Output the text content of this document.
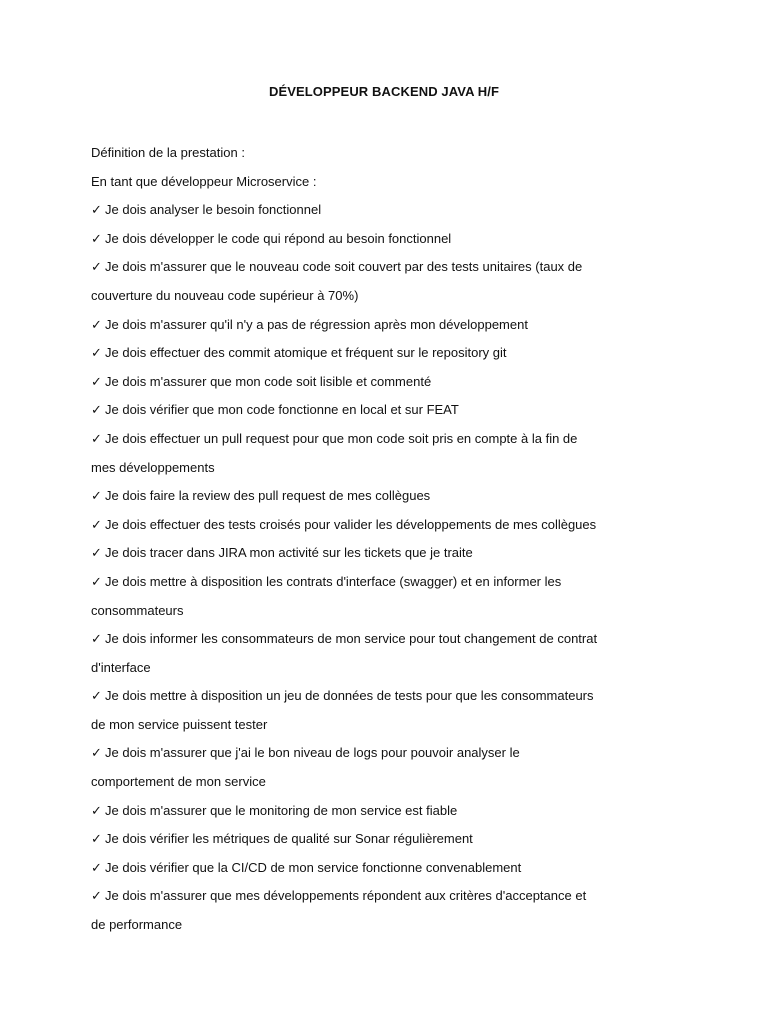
DÉVELOPPEUR BACKEND JAVA H/F
Définition de la prestation :
En tant que développeur Microservice :
✓ Je dois analyser le besoin fonctionnel
✓ Je dois développer le code qui répond au besoin fonctionnel
✓ Je dois m'assurer que le nouveau code soit couvert par des tests unitaires (taux de
couverture du nouveau code supérieur à 70%)
✓ Je dois m'assurer qu'il n'y a pas de régression après mon développement
✓ Je dois effectuer des commit atomique et fréquent sur le repository git
✓ Je dois m'assurer que mon code soit lisible et commenté
✓ Je dois vérifier que mon code fonctionne en local et sur FEAT
✓ Je dois effectuer un pull request pour que mon code soit pris en compte à la fin de
mes développements
✓ Je dois faire la review des pull request de mes collègues
✓ Je dois effectuer des tests croisés pour valider les développements de mes collègues
✓ Je dois tracer dans JIRA mon activité sur les tickets que je traite
✓ Je dois mettre à disposition les contrats d'interface (swagger) et en informer les
consommateurs
✓ Je dois informer les consommateurs de mon service pour tout changement de contrat
d'interface
✓ Je dois mettre à disposition un jeu de données de tests pour que les consommateurs
de mon service puissent tester
✓ Je dois m'assurer que j'ai le bon niveau de logs pour pouvoir analyser le
comportement de mon service
✓ Je dois m'assurer que le monitoring de mon service est fiable
✓ Je dois vérifier les métriques de qualité sur Sonar régulièrement
✓ Je dois vérifier que la CI/CD de mon service fonctionne convenablement
✓ Je dois m'assurer que mes développements répondent aux critères d'acceptance et
de performance
